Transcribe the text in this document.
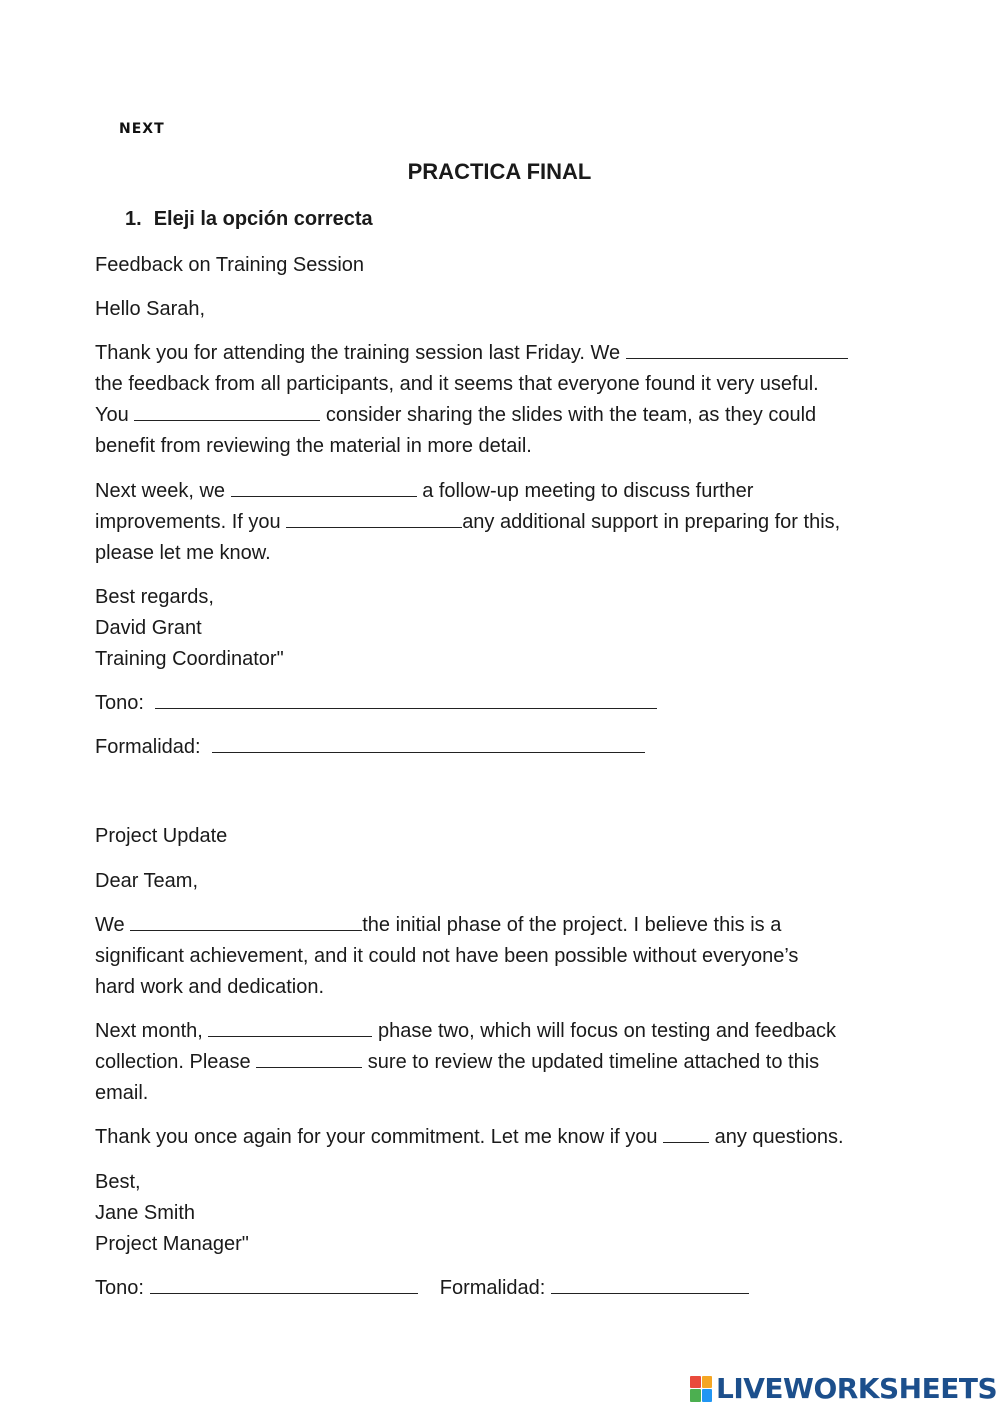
NEXT
PRACTICA FINAL
1. Eleji la opción correcta
Feedback on Training Session
Hello Sarah,
Thank you for attending the training session last Friday. We
the feedback from all participants, and it seems that everyone found it very useful.
You	consider sharing the slides with the team, as they could
benefit from reviewing the material in more detail.
Next week, we	a follow-up meeting to discuss further
improvements. If you	any additional support in preparing for this,
please let me know.
Best regards,
David Grant
Training Coordinator"
Tono:
Formalidad:
Project Update
Dear Team,
We	the initial phase of the project. I believe this is a
significant achievement, and it could not have been possible without everyone’s
hard work and dedication.
Next month,	phase two, which will focus on testing and feedback
collection. Please	sure to review the updated timeline attached to this
email.
Thank you once again for your commitment. Let me know if you	any questions.
Best,
Jane Smith
Project Manager"
Tono:	Formalidad:
LIVEWORKSHEETS
